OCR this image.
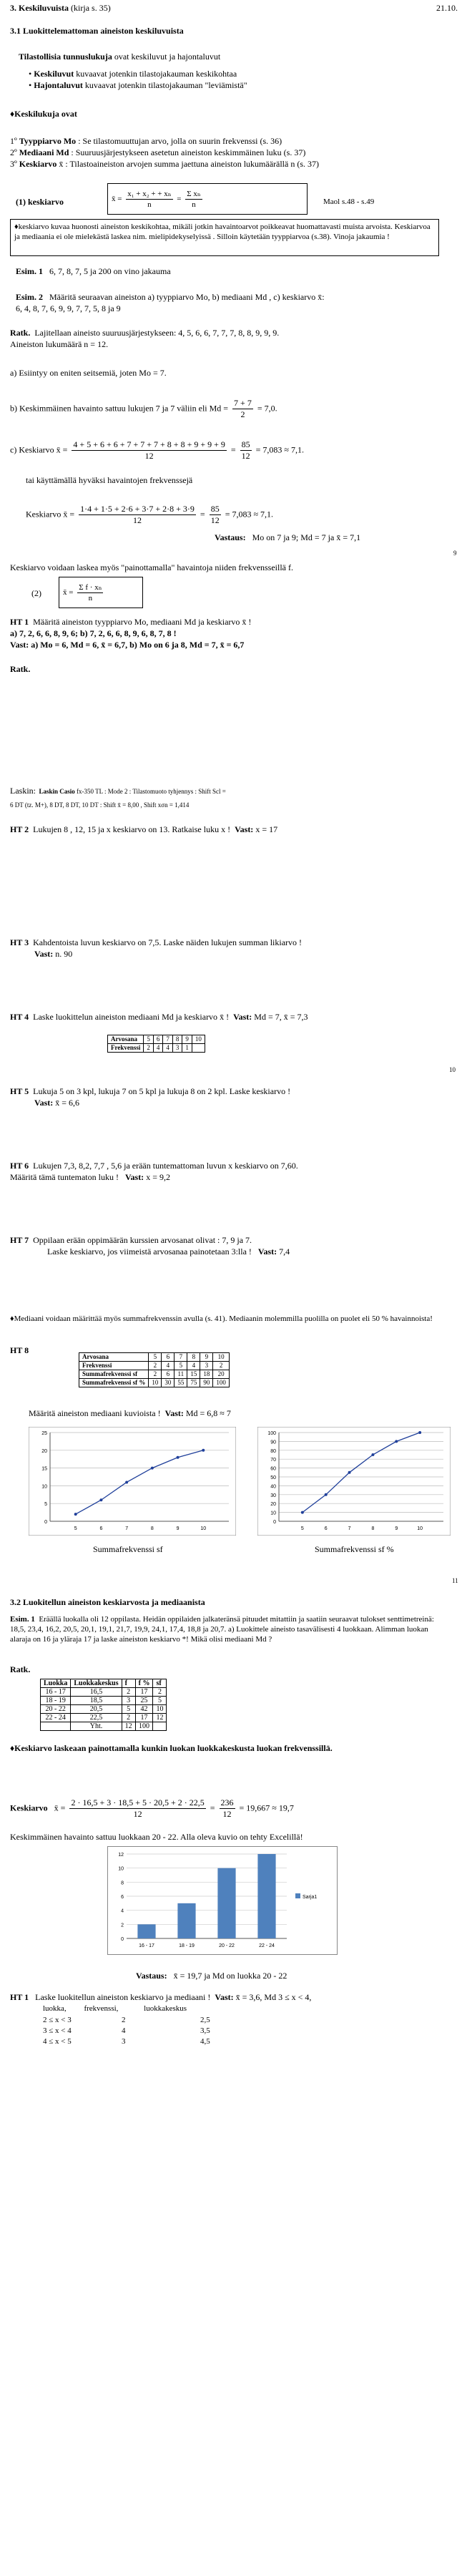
3. Keskiluvuista (kirja s. 35)	21.10.
3.1 Luokittelemattoman aineiston keskiluvuista
Tilastollisia tunnuslukuja ovat keskiluvut ja hajontaluvut
• Keskiluvut kuvaavat jotenkin tilastojakauman keskikohtaa
• Hajontaluvut kuvaavat jotenkin tilastojakauman "leviämistä"
♦Keskilukuja ovat
1º Tyyppiarvo Mo : Se tilastomuuttujan arvo, jolla on suurin frekvenssi (s. 36)
2º Mediaani Md : Suuruusjärjestykseen asetetun aineiston keskimmäinen luku (s. 37)
3º Keskiarvo x̄ : Tilastoaineiston arvojen summa jaettuna aineiston lukumäärällä n (s. 37)
(1) keskiarvo	x̄ = $\frac{\text{x₁ + x₂ + + xₙ}}{n} = \frac{\text{Σ xₙ}}{n}$	Maol s.48 - s.49
♦keskiarvo kuvaa huonosti aineiston keskikohtaa, mikäli jotkin havaintoarvot poikkeavat huomattavasti muista arvoista. Keskiarvoa ja mediaania ei ole mielekästä laskea nim. mielipidekyselyissä . Silloin käytetään tyyppiarvoa (s.38). Vinoja jakaumia !
Esim. 1 6, 7, 8, 7, 5 ja 200 on vino jakauma
Esim. 2 Määritä seuraavan aineiston a) tyyppiarvo Mo, b) mediaani Md , c) keskiarvo x̄:
6, 4, 8, 7, 6, 9, 9, 7, 7, 5, 8 ja 9
Ratk. Lajitellaan aineisto suuruusjärjestykseen: 4, 5, 6, 6, 7, 7, 7, 8, 8, 9, 9, 9.
Aineiston lukumäärä n = 12.
a) Esiintyy on eniten seitsemiä, joten Mo = 7.
b) Keskimmäinen havainto sattuu lukujen 7 ja 7 väliin eli $Md = \frac{7 + 7}{2} = 7,0$.
c) Keskiarvo x̄ = $\frac{4 + 5 + 6 + 6 + 7 + 7 + 7 + 8 + 8 + 9 + 9 + 9}{12} = \frac{85}{12} = 7,083 \approx 7,1$.
tai käyttämällä hyväksi havaintojen frekvenssejä
Keskiarvo x̄ = $\frac{1\cdot 4 + 1\cdot 5 + 2\cdot 6 + 3\cdot 7 + 2\cdot 8 + 3\cdot 9}{12} = \frac{85}{12} = 7,083 \approx 7,1$.
Vastaus: Mo on 7 ja 9; Md = 7 ja x̄ = 7,1
9
Keskiarvo voidaan laskea myös "painottamalla" havaintoja niiden frekvensseillä f.
(2)	x̄ = $\frac{\text{Σ f · xₙ}}{n}$
HT 1 Määritä aineiston tyyppiarvo Mo, mediaani Md ja keskiarvo x̄ !
a) 7, 2, 6, 6, 8, 9, 6; b) 7, 2, 6, 6, 8, 9, 6, 8, 7, 8 !
Vast: a) Mo = 6, Md = 6, x̄ = 6,7, b) Mo on 6 ja 8, Md = 7, x̄ = 6,7
Ratk.
Laskin: Laskin Casio fx-350 TL : Mode 2 : Tilastomuoto tyhjennys : Shift Scl =
6 DT (tz. M+), 8 DT, 8 DT, 10 DT : Shift x̄ = 8,00 , Shift xσn = 1,414
HT 2 Lukujen 8 , 12, 15 ja x keskiarvo on 13. Ratkaise luku x ! Vast: x = 17
HT 3 Kahdentoista luvun keskiarvo on 7,5. Laske näiden lukujen summan likiarvo !
Vast: n. 90
HT 4 Laske luokittelun aineiston mediaani Md ja keskiarvo x̄ ! Vast: Md = 7, x̄ = 7,3
Arvosana	5	6	7	8	9	10
Frekvenssi	2	4	4	3	1	
10
HT 5 Lukuja 5 on 3 kpl, lukuja 7 on 5 kpl ja lukuja 8 on 2 kpl. Laske keskiarvo !
Vast: x̄ = 6,6
HT 6 Lukujen 7,3, 8,2, 7,7 , 5,6 ja erään tuntemattoman luvun x keskiarvo on 7,60.
Määritä tämä tuntematon luku ! Vast: x = 9,2
HT 7 Oppilaan erään oppimäärän kurssien arvosanat olivat : 7, 9 ja 7.
Laske keskiarvo, jos viimeistä arvosanaa painotetaan 3:lla ! Vast: 7,4
♦Mediaani voidaan määrittää myös summafrekvenssin avulla (s. 41). Mediaanin molemmilla puolilla on puolet eli 50 % havainnoista!
HT 8
Arvosana	5	6	7	8	9	10
Frekvenssi	2	4	5	4	3	2
Summafrekvenssi sf	2	6	11	15	18	20
Summafrekvenssi sf %	10	30	55	75	90	100
Määritä aineiston mediaani kuvioista ! Vast: Md = 6,8 ≈ 7
0
5
10
15
20
25
5	6	7	8	9	10
0
10
20
30
40
50
60
70
80
90
100
5	6	7	8	9	10
Summafrekvenssi sf	Summafrekvenssi sf %
11
3.2 Luokitellun aineiston keskiarvosta ja mediaanista
Esim. 1 Eräällä luokalla oli 12 oppilasta. Heidän oppilaiden jalkateränsä pituudet mitattiin ja saatiin seuraavat tulokset senttimetreinä: 18,5, 23,4, 16,2, 20,5, 20,1, 19,1, 21,7, 19,9, 24,1, 17,4, 18,8 ja 20,7. a) Luokittele aineisto tasavälisesti 4 luokkaan. Alimman luokan alaraja on 16 ja yläraja 17 ja laske aineiston keskiarvo *! Mikä olisi mediaani Md ?
Ratk.
Luokka	Luokkakeskus	f	f %	sf
16 - 17	16,5	2	17	2
18 - 19	18,5	3	25	5
20 - 22	20,5	5	42	10
22 - 24	22,5	2	17	12
	Yht.	12	100	
♦Keskiarvo laskeaan painottamalla kunkin luokan luokkakeskusta luokan frekvenssillä.
Keskiarvo x̄ = $\frac{2 \cdot 16,5 + 3 \cdot 18,5 + 5 \cdot 20,5 + 2 \cdot 22,5}{12} = \frac{236}{12} = 19,667 \approx 19,7$
Keskimmäinen havainto sattuu luokkaan 20 - 22. Alla oleva kuvio on tehty Excelillä!
0
2
4
6
8
10
12
16 - 17	18 - 19	20 - 22	22 - 24
Sarja1
Vastaus: x̄ = 19,7 ja Md on luokka 20 - 22
HT 1 Laske luokitellun aineiston keskiarvo ja mediaani ! Vast: x̄ = 3,6, Md 3 ≤ x < 4,
luokka, frekvenssi,	luokkakeskus
2 ≤ x < 3	2	2,5
3 ≤ x < 4	4	3,5
4 ≤ x < 5	3	4,5
